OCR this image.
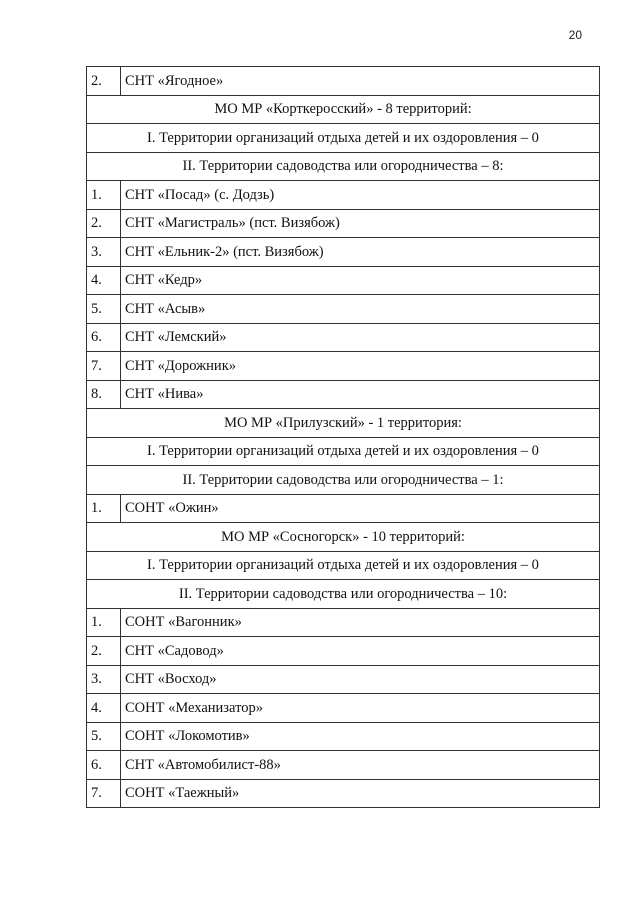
20
2.	СНТ «Ягодное»
МО МР «Корткеросский» - 8 территорий:	
I. Территории организаций отдыха детей и их оздоровления – 0	
II. Территории садоводства или огородничества – 8:	
1.	СНТ «Посад» (с. Додзь)
2.	СНТ «Магистраль» (пст. Визябож)
3.	СНТ «Ельник-2» (пст. Визябож)
4.	СНТ «Кедр»
5.	СНТ «Асыв»
6.	СНТ «Лемский»
7.	СНТ «Дорожник»
8.	СНТ «Нива»
МО МР «Прилузский» - 1 территория:	
I. Территории организаций отдыха детей и их оздоровления – 0	
II. Территории садоводства или огородничества – 1:	
1.	СОНТ «Ожин»
МО МР «Сосногорск» - 10 территорий:	
I. Территории организаций отдыха детей и их оздоровления – 0	
II. Территории садоводства или огородничества – 10:	
1.	СОНТ «Вагонник»
2.	СНТ «Садовод»
3.	СНТ «Восход»
4.	СОНТ «Механизатор»
5.	СОНТ «Локомотив»
6.	СНТ «Автомобилист-88»
7.	СОНТ «Таежный»
